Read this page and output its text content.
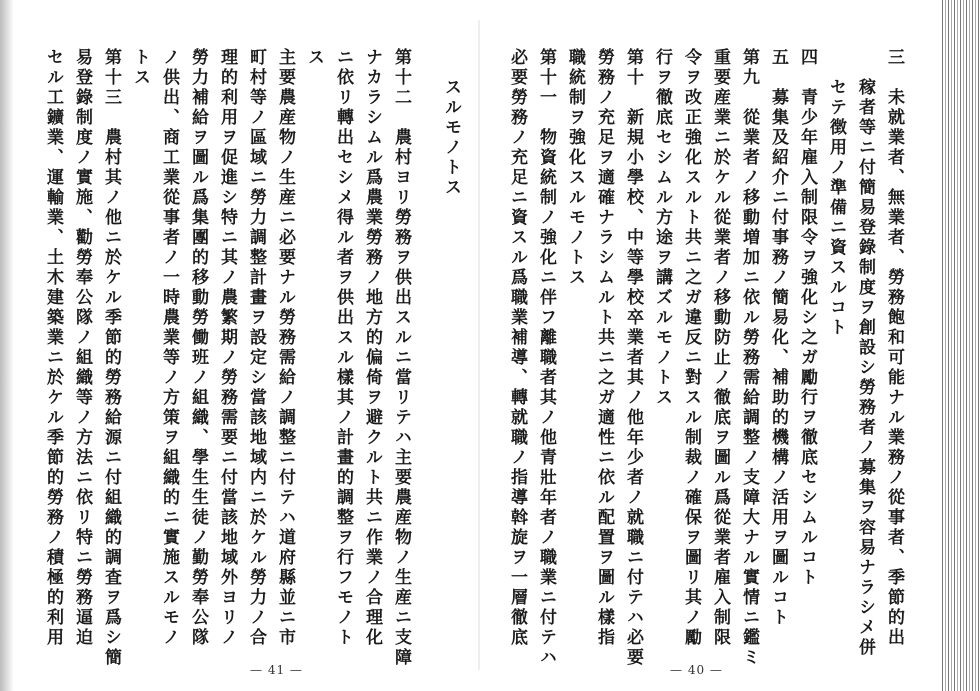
セル工鑛業、運輸業、土木建築業ニ於ケル季節的勞務ノ積極的利用 易登錄制度ノ實施、勸勞奉公隊ノ組織等ノ方法ニ依リ特ニ勞務逼迫 第十三　農村其ノ他ニ於ケル季節的勞務給源ニ付組織的調査ヲ爲シ簡 トス ノ供出、商工業從事者ノ一時農業等ノ方策ヲ組織的ニ實施スルモノ 勞力補給ヲ圖ル爲集團的移動勞働班ノ組織、學生生徒ノ勤勞奉公隊 理的利用ヲ促進シ特ニ其ノ農繁期ノ勞務需要ニ付當該地域外ヨリノ 町村等ノ區域ニ勞力調整計畫ヲ設定シ當該地域内ニ於ケル勞力ノ合 主要農産物ノ生産ニ必要ナル勞務需給ノ調整ニ付テハ道府縣並ニ市 ス ニ依リ轉出セシメ得ル者ヲ供出スル樣其ノ計畫的調整ヲ行フモノト ナカラシムル爲農業勞務ノ地方的偏倚ヲ避クルト共ニ作業ノ合理化 第十二　農村ヨリ勞務ヲ供出スルニ當リテハ主要農産物ノ生産ニ支障 スルモノトス
— 41 —
必要勞務ノ充足ニ資スル爲職業補導、轉就職ノ指導斡旋ヲ一層徹底 第十一　物資統制ノ強化ニ伴フ離職者其ノ他青壯年者ノ職業ニ付テハ 職統制ヲ強化スルモノトス 勞務ノ充足ヲ適確ナラシムルト共ニ之ガ適性ニ依ル配置ヲ圖ル樣指 第十　新規小學校、中等學校卒業者其ノ他年少者ノ就職ニ付テハ必要 行ヲ徹底セシムル方途ヲ講ズルモノトス 令ヲ改正強化スルト共ニ之ガ違反ニ對スル制裁ノ確保ヲ圖リ其ノ勵 重要産業ニ於ケル從業者ノ移動防止ノ徹底ヲ圖ル爲從業者雇入制限 第九　從業者ノ移動増加ニ依ル勞務需給調整ノ支障大ナル實情ニ鑑ミ 五　募集及紹介ニ付事務ノ簡易化、補助的機構ノ活用ヲ圖ルコト 四　青少年雇入制限令ヲ強化シ之ガ勵行ヲ徹底セシムルコト セテ徴用ノ準備ニ資スルコト 稼者等ニ付簡易登錄制度ヲ創設シ勞務者ノ募集ヲ容易ナラシメ併 三　未就業者、無業者、勞務飽和可能ナル業務ノ從事者、季節的出
— 40 —
